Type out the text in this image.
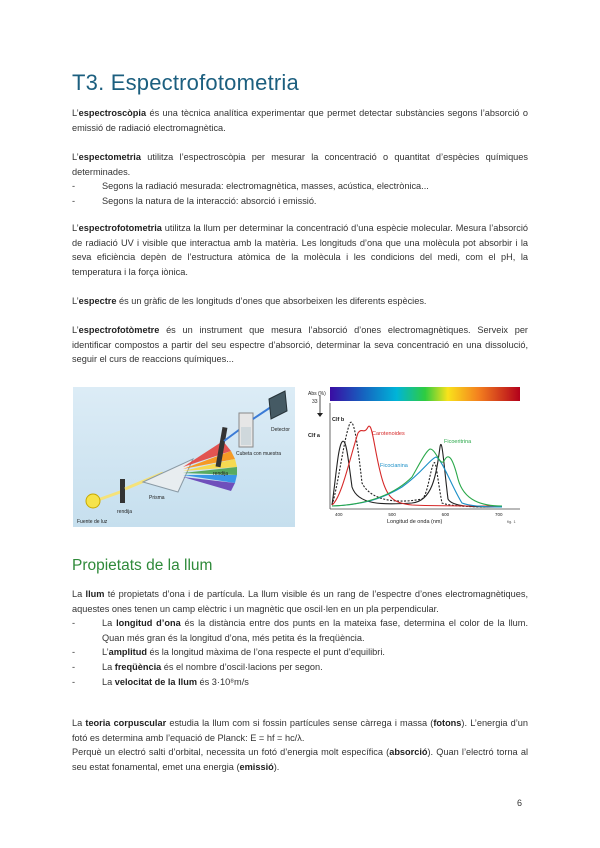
T3. Espectrofotometria

L’espectroscòpia és una tècnica analítica experimentar que permet detectar substàncies segons l’absorció o emissió de radiació electromagnètica.

L’espectometria utilitza l’espectroscòpia per mesurar la concentració o quantitat d’espècies químiques determinades.
- Segons la radiació mesurada: electromagnètica, masses, acústica, electrònica...
- Segons la natura de la interacció: absorció i emissió.

L’espectrofotometria utilitza la llum per determinar la concentració d’una espècie molecular. Mesura l’absorció de radiació UV i visible que interactua amb la matèria. Les longituds d’ona que una molècula pot absorbir i la seva eficiència depèn de l’estructura atòmica de la molècula i les condicions del medi, com el pH, la temperatura i la força iònica.

L’espectre és un gràfic de les longituds d’ones que absorbeixen les diferents espècies.

L’espectrofotòmetre és un instrument que mesura l’absorció d’ones electromagnètiques. Serveix per identificar compostos a partir del seu espectre d’absorció, determinar la seva concentració en una dissolució, seguir el curs de reaccions químiques...

Fuente de luz
rendija
Prisma
rendija
Cubeta con muestra
Detector
Abs (%)
33
400	500	600	700
Longitud de onda (nm)	fig. 1
Clf a
Clf b
Carotenoides
Ficocianina
Ficoeritrina
Propietats de la llum
La llum té propietats d’ona i de partícula. La llum visible és un rang de l’espectre d’ones electromagnètiques, aquestes ones tenen un camp elèctric i un magnètic que oscil·len en un pla perpendicular.
- La longitud d’ona és la distància entre dos punts en la mateixa fase, determina el color de la llum. Quan més gran és la longitud d’ona, més petita és la freqüència.
- L’amplitud és la longitud màxima de l’ona respecte el punt d’equilibri.
- La freqüència és el nombre d’oscil·lacions per segon.
- La velocitat de la llum és 3·10⁸m/s
La teoria corpuscular estudia la llum com si fossin partícules sense càrrega i massa (fotons). L’energia d’un fotó es determina amb l’equació de Planck: E = hf = hc/λ.
Perquè un electró salti d’orbital, necessita un fotó d’energia molt específica (absorció). Quan l’electró torna al seu estat fonamental, emet una energia (emissió).
6
